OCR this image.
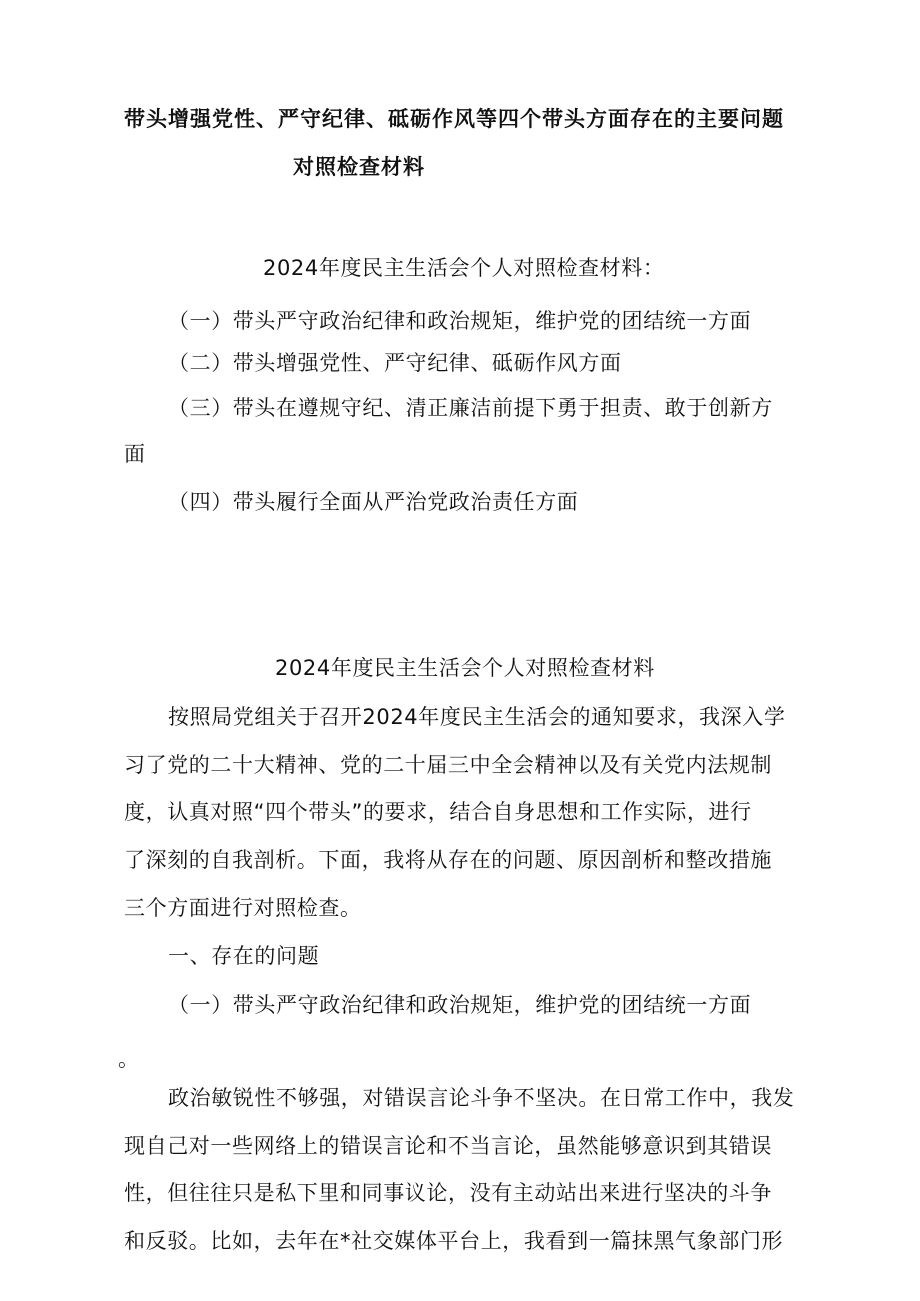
带头增强党性、严守纪律、砥砺作风等四个带头方面存在的主要问题
对照检查材料
2024年度民主生活会个人对照检查材料：
（一）带头严守政治纪律和政治规矩，维护党的团结统一方面
（二）带头增强党性、严守纪律、砥砺作风方面
（三）带头在遵规守纪、清正廉洁前提下勇于担责、敢于创新方
面
（四）带头履行全面从严治党政治责任方面
2024年度民主生活会个人对照检查材料
按照局党组关于召开2024年度民主生活会的通知要求，我深入学
习了党的二十大精神、党的二十届三中全会精神以及有关党内法规制
度，认真对照“四个带头”的要求，结合自身思想和工作实际，进行
了深刻的自我剖析。下面，我将从存在的问题、原因剖析和整改措施
三个方面进行对照检查。
一、存在的问题
（一）带头严守政治纪律和政治规矩，维护党的团结统一方面
。
政治敏锐性不够强，对错误言论斗争不坚决。在日常工作中，我发
现自己对一些网络上的错误言论和不当言论，虽然能够意识到其错误
性，但往往只是私下里和同事议论，没有主动站出来进行坚决的斗争
和反驳。比如，去年在*社交媒体平台上，我看到一篇抹黑气象部门形
